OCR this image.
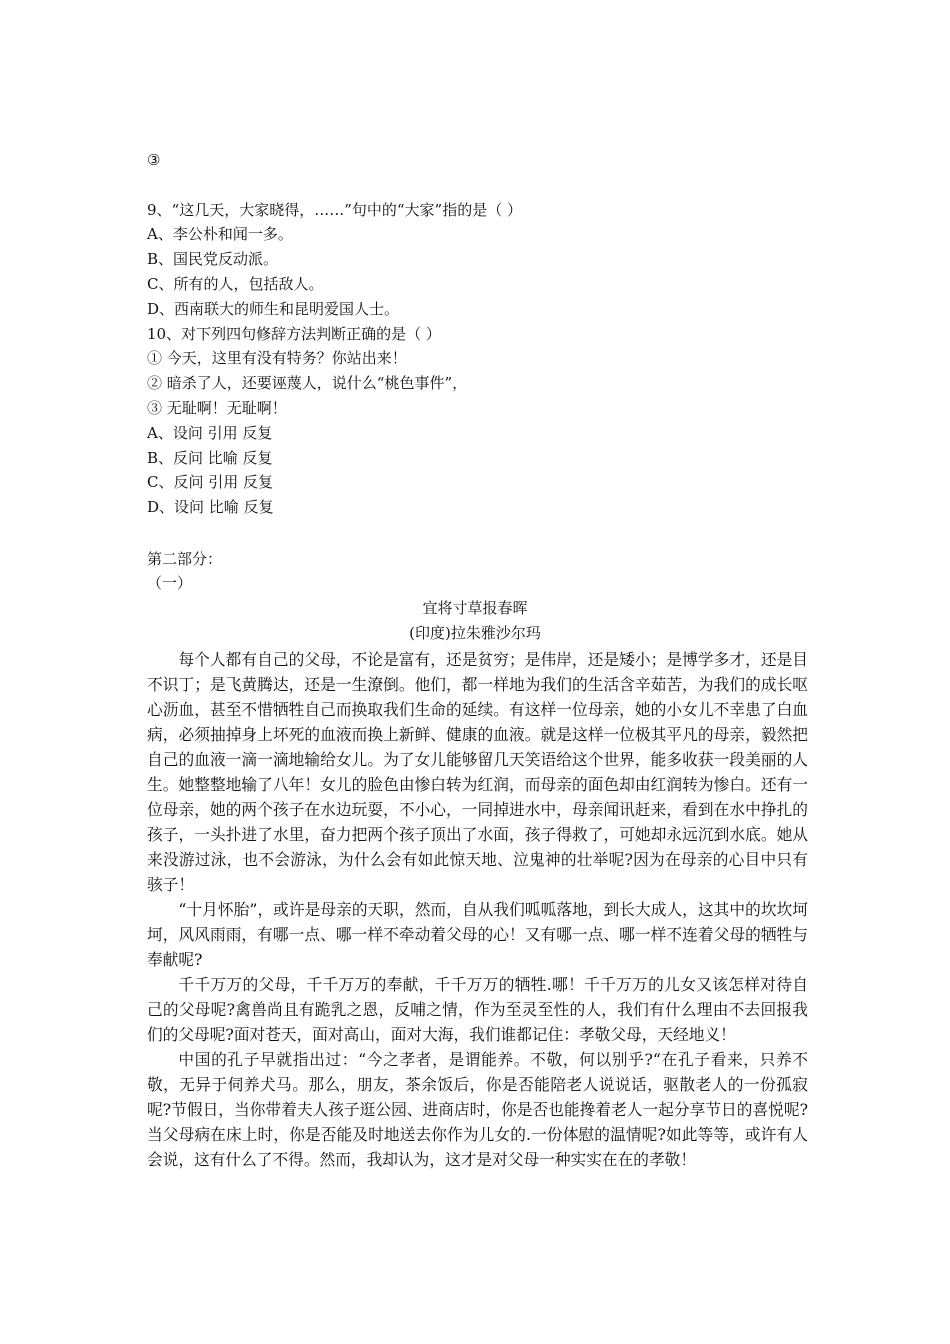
③
9、“这几天，大家晓得，……”句中的“大家”指的是（ ）
A、李公朴和闻一多。
B、国民党反动派。
C、所有的人，包括敌人。
D、西南联大的师生和昆明爱国人士。
10、对下列四句修辞方法判断正确的是（ ）
① 今天，这里有没有特务？你站出来！
② 暗杀了人，还要诬蔑人，说什么“桃色事件”，
③ 无耻啊！无耻啊！
A、设问 引用 反复
B、反问 比喻 反复
C、反问 引用 反复
D、设问 比喻 反复
第二部分：
（一）
宜将寸草报春晖
(印度)拉朱雅沙尔玛

每个人都有自己的父母，不论是富有，还是贫穷；是伟岸，还是矮小；是博学多才，还是目不识丁；是飞黄腾达，还是一生潦倒。他们，都一样地为我们的生活含辛茹苦，为我们的成长呕心沥血，甚至不惜牺牲自己而换取我们生命的延续。有这样一位母亲，她的小女儿不幸患了白血病，必须抽掉身上坏死的血液而换上新鲜、健康的血液。就是这样一位极其平凡的母亲，毅然把自己的血液一滴一滴地输给女儿。为了女儿能够留几天笑语给这个世界，能多收获一段美丽的人生。她整整地输了八年！女儿的脸色由惨白转为红润，而母亲的面色却由红润转为惨白。还有一位母亲，她的两个孩子在水边玩耍，不小心，一同掉进水中，母亲闻讯赶来，看到在水中挣扎的孩子，一头扑进了水里，奋力把两个孩子顶出了水面，孩子得救了，可她却永远沉到水底。她从来没游过泳，也不会游泳，为什么会有如此惊天地、泣鬼神的壮举呢?因为在母亲的心目中只有骇子！

“十月怀胎”，或许是母亲的天职，然而，自从我们呱呱落地，到长大成人，这其中的坎坎坷坷，风风雨雨，有哪一点、哪一样不牵动着父母的心！又有哪一点、哪一样不连着父母的牺牲与奉献呢?

千千万万的父母，千千万万的奉献，千千万万的牺牲.哪！千千万万的儿女又该怎样对待自己的父母呢?禽兽尚且有跪乳之恩，反哺之情，作为至灵至性的人，我们有什么理由不去回报我们的父母呢?面对苍天，面对高山，面对大海，我们谁都记住：孝敬父母，天经地义！

中国的孔子早就指出过：“今之孝者，是谓能养。不敬，何以别乎?“在孔子看来，只养不敬，无异于伺养犬马。那么，朋友，茶余饭后，你是否能陪老人说说话，驱散老人的一份孤寂呢?节假日，当你带着夫人孩子逛公园、进商店时，你是否也能搀着老人一起分享节日的喜悦呢?当父母病在床上时，你是否能及时地送去你作为儿女的.一份体慰的温情呢?如此等等，或许有人会说，这有什么了不得。然而，我却认为，这才是对父母一种实实在在的孝敬！
